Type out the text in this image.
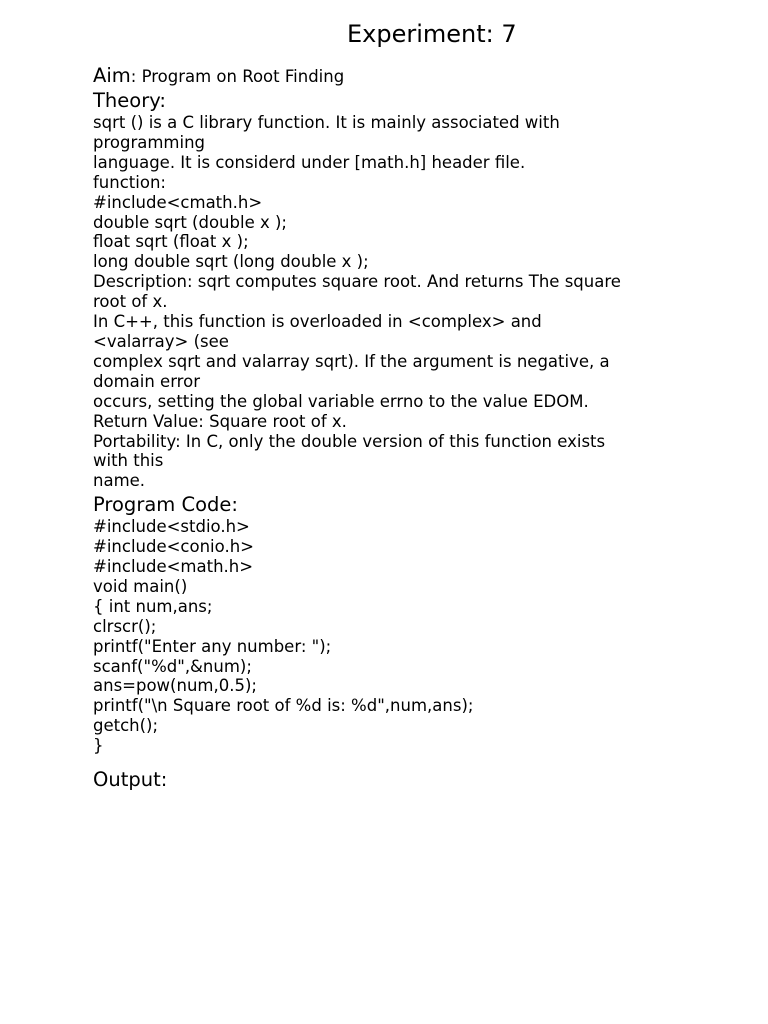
Experiment: 7
Aim: Program on Root Finding
Theory:
sqrt () is a C library function. It is mainly associated with
programming
language. It is considerd under [math.h] header file.
function:
#include<cmath.h>
double sqrt (double x );
float sqrt (float x );
long double sqrt (long double x );
Description: sqrt computes square root. And returns The square
root of x.
In C++, this function is overloaded in <complex> and
<valarray> (see
complex sqrt and valarray sqrt). If the argument is negative, a
domain error
occurs, setting the global variable errno to the value EDOM.
Return Value: Square root of x.
Portability: In C, only the double version of this function exists
with this
name.
Program Code:
#include<stdio.h>
#include<conio.h>
#include<math.h>
void main()
{ int num,ans;
clrscr();
printf("Enter any number: ");
scanf("%d",&num);
ans=pow(num,0.5);
printf("\n Square root of %d is: %d",num,ans);
getch();
}
Output:
